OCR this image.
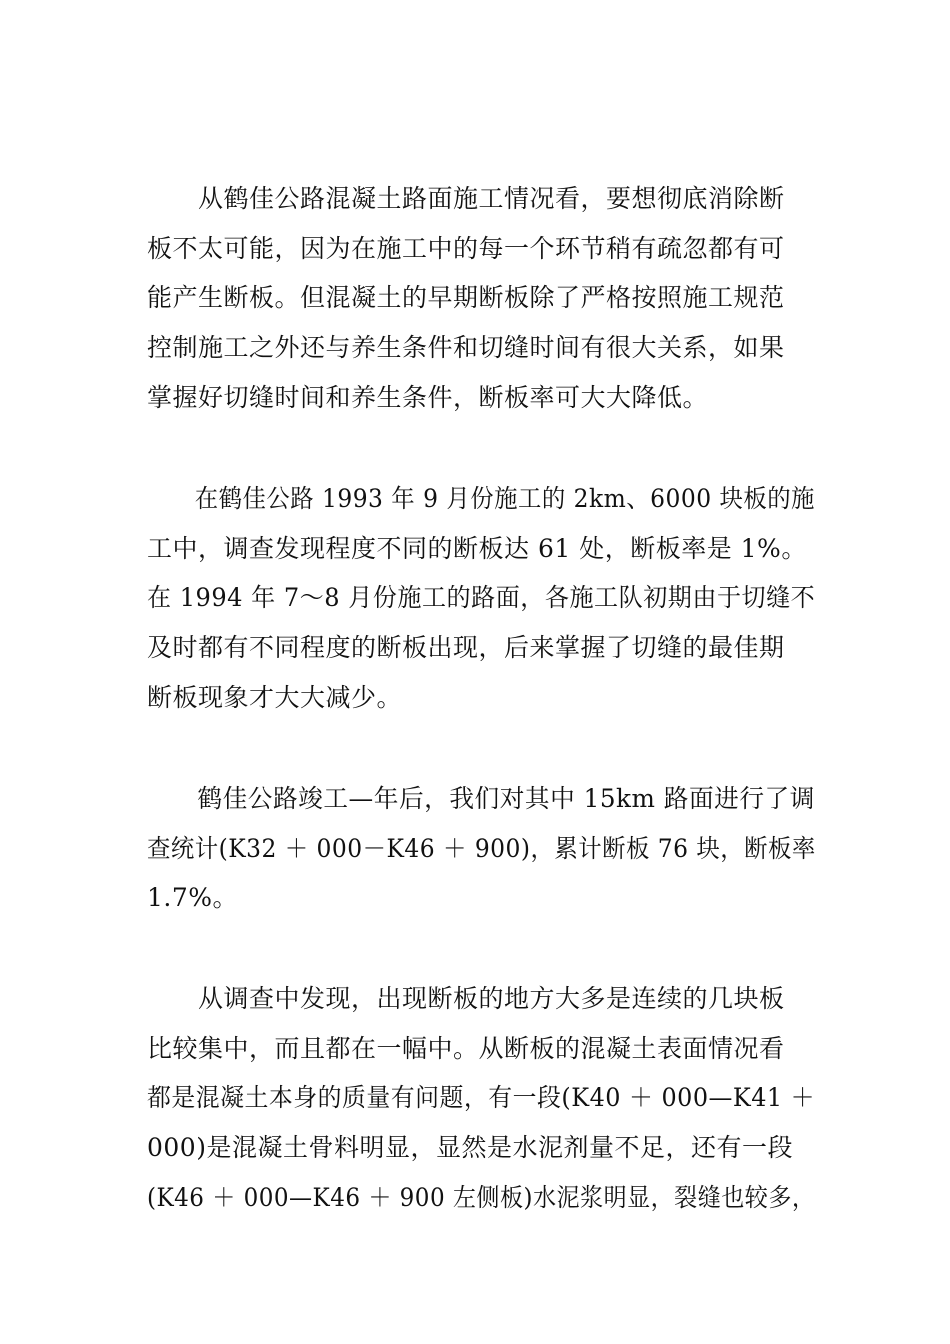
从鹤佳公路混凝土路面施工情况看，要想彻底消除断
板不太可能，因为在施工中的每一个环节稍有疏忽都有可
能产生断板。但混凝土的早期断板除了严格按照施工规范
控制施工之外还与养生条件和切缝时间有很大关系，如果
掌握好切缝时间和养生条件，断板率可大大降低。
在鹤佳公路 1993 年 9 月份施工的 2km、6000 块板的施
工中，调查发现程度不同的断板达 61 处，断板率是 1%。
在 1994 年 7～8 月份施工的路面，各施工队初期由于切缝不
及时都有不同程度的断板出现，后来掌握了切缝的最佳期
断板现象才大大减少。
鹤佳公路竣工—年后，我们对其中 15km 路面进行了调
查统计(K32 ＋ 000－K46 ＋ 900)，累计断板 76 块，断板率
1.7%。
从调查中发现，出现断板的地方大多是连续的几块板
比较集中，而且都在一幅中。从断板的混凝土表面情况看
都是混凝土本身的质量有问题，有一段(K40 ＋ 000—K41 ＋
000)是混凝土骨料明显，显然是水泥剂量不足，还有一段
(K46 ＋ 000—K46 ＋ 900 左侧板)水泥浆明显，裂缝也较多，
